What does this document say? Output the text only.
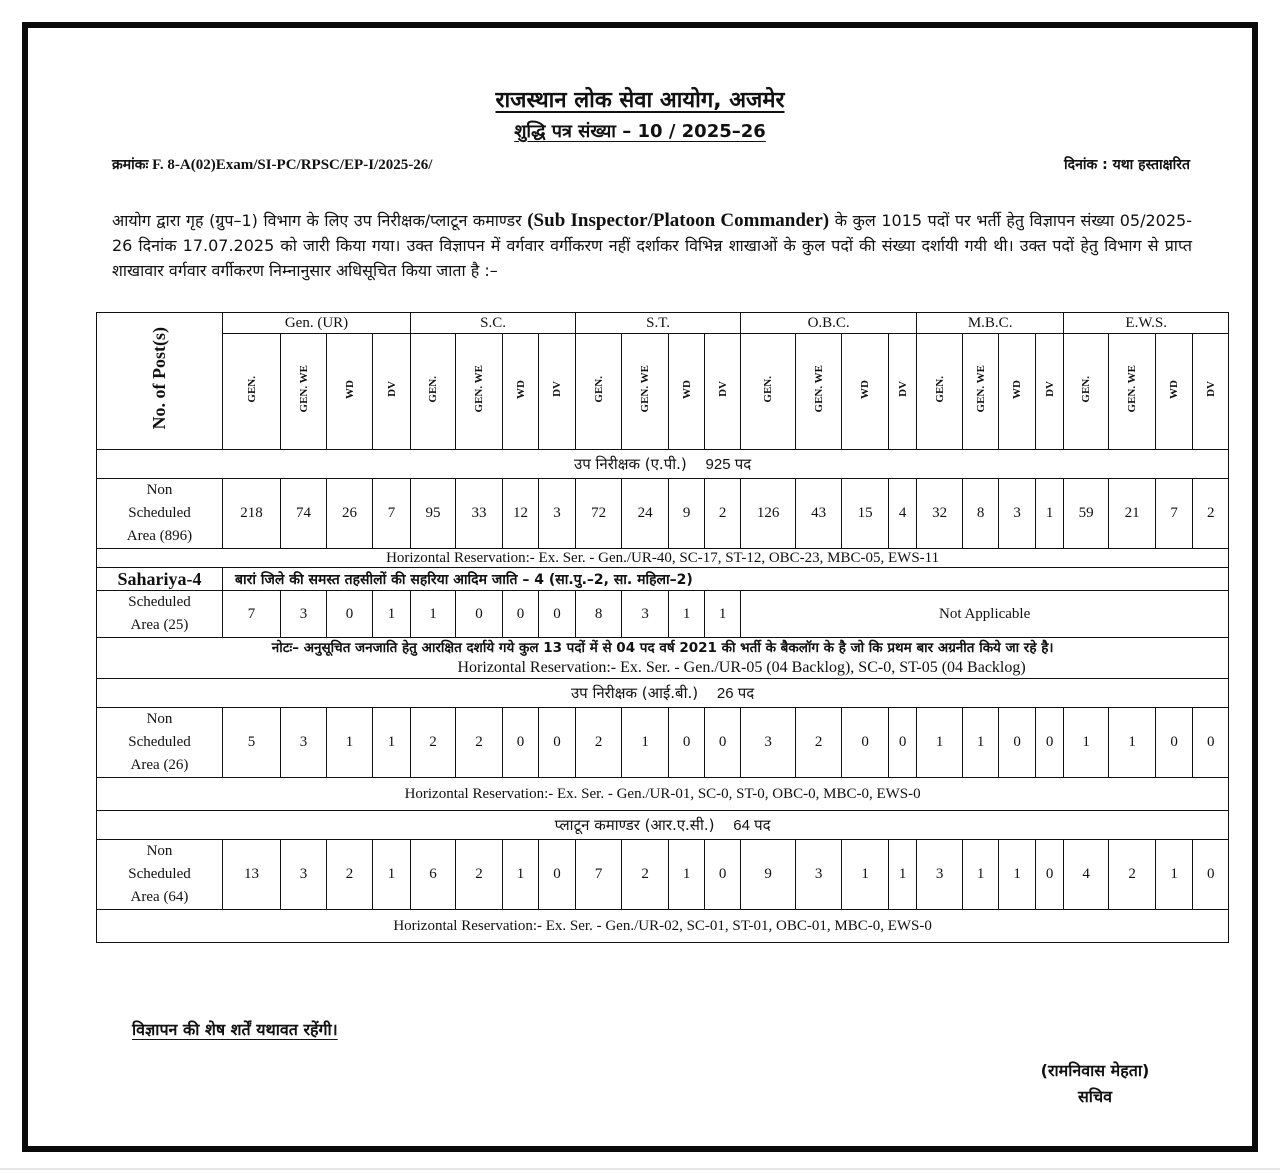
राजस्थान लोक सेवा आयोग, अजमेर
शुद्धि पत्र संख्या – 10 / 2025–26
क्रमांकः F. 8-A(02)Exam/SI-PC/RPSC/EP-I/2025-26/	दिनांक : यथा हस्ताक्षरित
आयोग द्वारा गृह (ग्रुप–1) विभाग के लिए उप निरीक्षक/प्लाटून कमाण्डर (Sub Inspector/Platoon Commander) के कुल 1015 पदों पर भर्ती हेतु विज्ञापन संख्या 05/2025-26 दिनांक 17.07.2025 को जारी किया गया। उक्त विज्ञापन में वर्गवार वर्गीकरण नहीं दर्शाकर विभिन्न शाखाओं के कुल पदों की संख्या दर्शायी गयी थी। उक्त पदों हेतु विभाग से प्राप्त शाखावार वर्गवार वर्गीकरण निम्नानुसार अधिसूचित किया जाता है :–
No. of Post(s)	Gen. (UR)				S.C.				S.T.				O.B.C.				M.B.C.				E.W.S.			
	GEN.	GEN. WE	WD	DV	GEN.	GEN. WE	WD	DV	GEN.	GEN. WE	WD	DV	GEN.	GEN. WE	WD	DV	GEN.	GEN. WE	WD	DV	GEN.	GEN. WE	WD	DV
उप निरीक्षक (ए.पी.) 925 पद																								

Non
Scheduled
Area (896)	218	74	26	7	95	33	12	3	72	24	9	2	126	43	15	4	32	8	3	1	59	21	7	2
Horizontal Reservation:- Ex. Ser. - Gen./UR-40, SC-17, ST-12, OBC-23, MBC-05, EWS-11																								
Sahariya-4	बारां जिले की समस्त तहसीलों की सहरिया आदिम जाति – 4 (सा.पु.–2, सा. महिला–2)																							

Scheduled
Area (25)	7	3	0	1	1	0	0	0	8	3	1	1	Not Applicable											

नोटः– अनुसूचित जनजाति हेतु आरक्षित दर्शाये गये कुल 13 पदों में से 04 पद वर्ष 2021 की भर्ती के बैकलॉग के है जो कि प्रथम बार अग्रनीत किये जा रहे है।
Horizontal Reservation:- Ex. Ser. - Gen./UR-05 (04 Backlog), SC-0, ST-05 (04 Backlog)																								

उप निरीक्षक (आई.बी.) 26 पद																								

Non
Scheduled
Area (26)	5	3	1	1	2	2	0	0	2	1	0	0	3	2	0	0	1	1	0	0	1	1	0	0
Horizontal Reservation:- Ex. Ser. - Gen./UR-01, SC-0, ST-0, OBC-0, MBC-0, EWS-0																								
प्लाटून कमाण्डर (आर.ए.सी.) 64 पद																								

Non
Scheduled
Area (64)	13	3	2	1	6	2	1	0	7	2	1	0	9	3	1	1	3	1	1	0	4	2	1	0
Horizontal Reservation:- Ex. Ser. - Gen./UR-02, SC-01, ST-01, OBC-01, MBC-0, EWS-0																								
विज्ञापन की शेष शर्तें यथावत रहेंगी।
(रामनिवास मेहता)
सचिव
